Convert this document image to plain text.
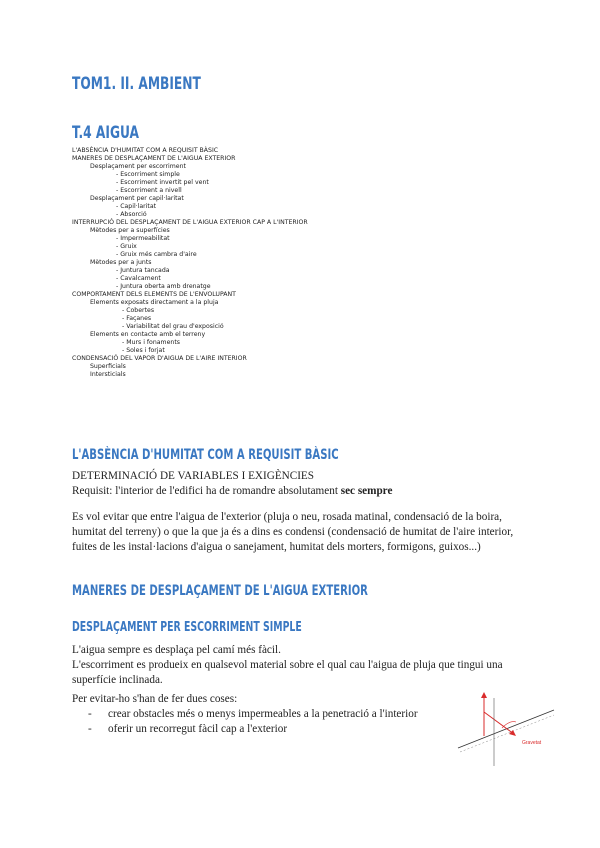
TOM1. II. AMBIENT
T.4 AIGUA
L'ABSÈNCIA D'HUMITAT COM A REQUISIT BÀSIC
MANERES DE DESPLAÇAMENT DE L'AIGUA EXTERIOR
Desplaçament per escorriment
- Escorriment simple
- Escorriment invertit pel vent
- Escorriment a nivell
Desplaçament per capil·laritat
- Capil·laritat
- Absorció
INTERRUPCIÓ DEL DESPLAÇAMENT DE L'AIGUA EXTERIOR CAP A L'INTERIOR
Mètodes per a superfícies
- Impermeabilitat
- Gruix
- Gruix més cambra d'aire
Mètodes per a junts
- Juntura tancada
- Cavalcament
- Juntura oberta amb drenatge
COMPORTAMENT DELS ELEMENTS DE L'ENVOLUPANT
Elements exposats directament a la pluja
- Cobertes
- Façanes
- Variabilitat del grau d'exposició
Elements en contacte amb el terreny
- Murs i fonaments
- Soles i forjat
CONDENSACIÓ DEL VAPOR D'AIGUA DE L'AIRE INTERIOR
Superficials
Intersticials
L'ABSÈNCIA D'HUMITAT COM A REQUISIT BÀSIC

DETERMINACIÓ DE VARIABLES I EXIGÈNCIES
Requisit: l'interior de l'edifici ha de romandre absolutament sec sempre

Es vol evitar que entre l'aigua de l'exterior (pluja o neu, rosada matinal, condensació de la boira, humitat del terreny) o que la que ja és a dins es condensi (condensació de humitat de l'aire interior, fuites de les instal·lacions d'aigua o sanejament, humitat dels morters, formigons, guixos...)

MANERES DE DESPLAÇAMENT DE L'AIGUA EXTERIOR
DESPLAÇAMENT PER ESCORRIMENT SIMPLE

L'aigua sempre es desplaça pel camí més fàcil.
L'escorriment es produeix en qualsevol material sobre el qual cau l'aigua de pluja que tingui una superfície inclinada.

Per evitar-ho s'han de fer dues coses:

- crear obstacles més o menys impermeables a la penetració a l'interior
- oferir un recorregut fàcil cap a l'exterior
Gravetat
